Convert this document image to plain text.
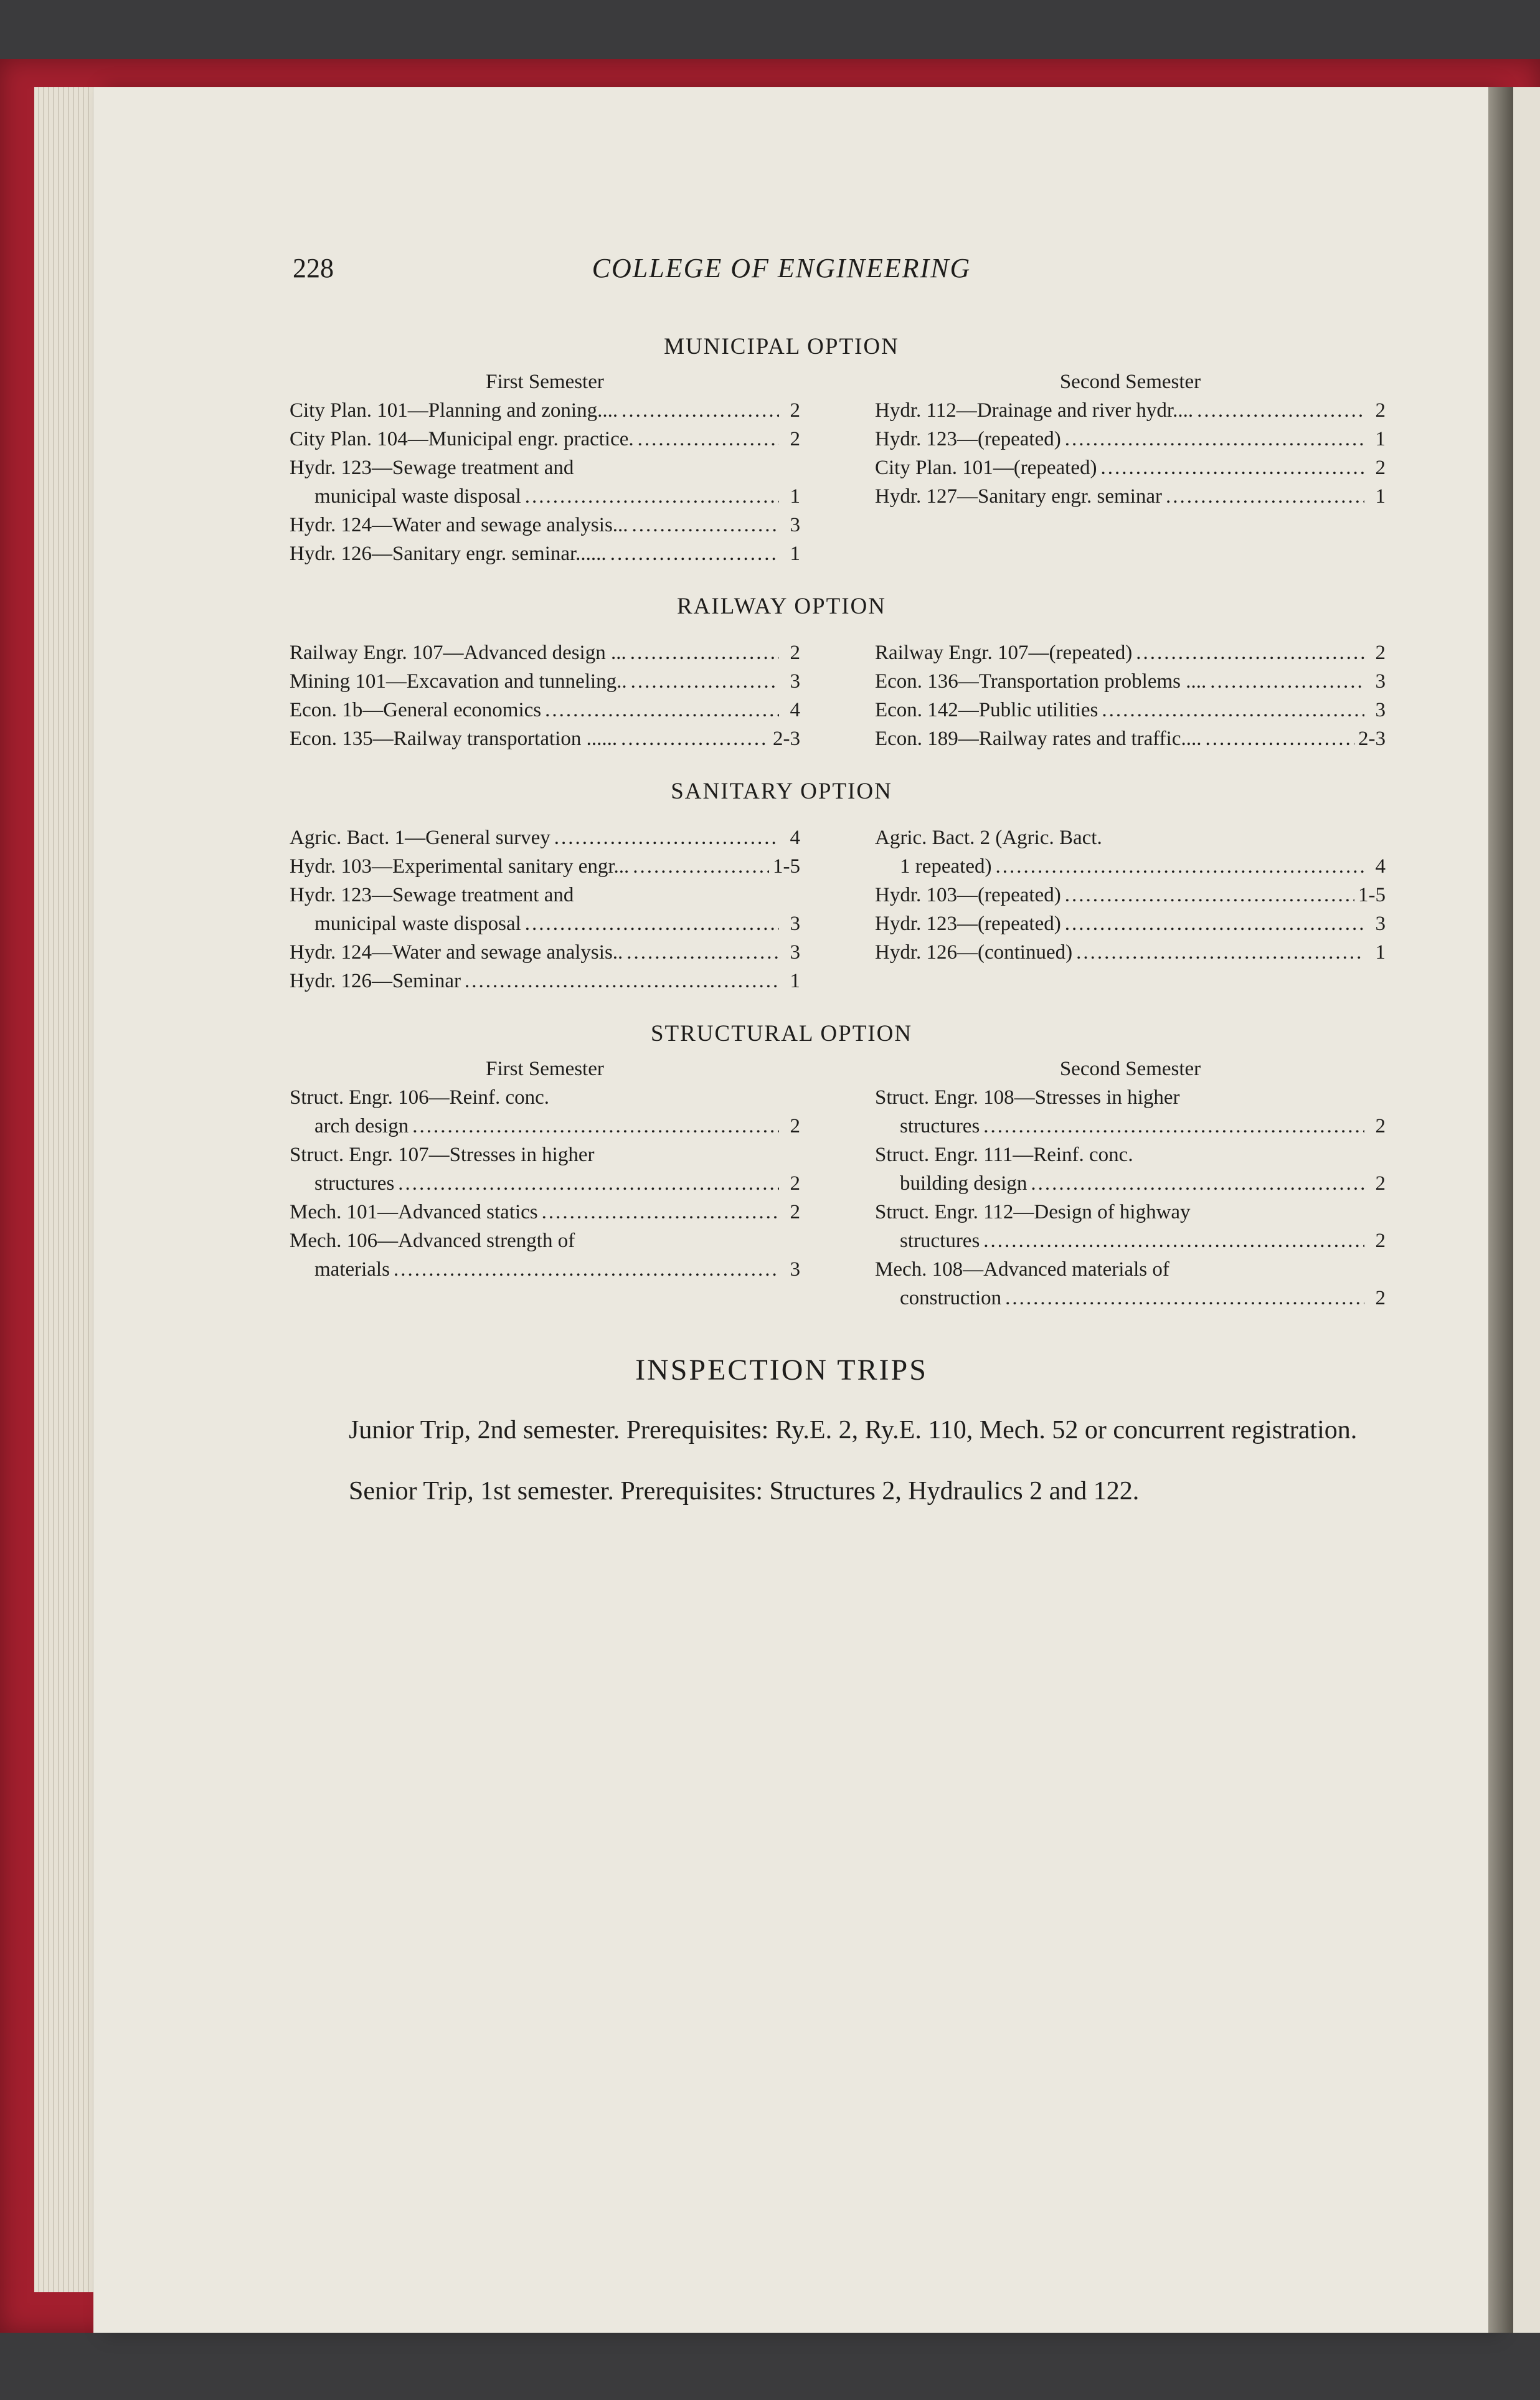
228	COLLEGE OF ENGINEERING
MUNICIPAL OPTION
First Semester
City Plan. 101—Planning and zoning.... .....	2
City Plan. 104—Municipal engr. practice. .....	2
Hydr. 123—Sewage treatment and
municipal waste disposal .....	1
Hydr. 124—Water and sewage analysis... .....	3
Hydr. 126—Sanitary engr. seminar...... .....	1
Second Semester
Hydr. 112—Drainage and river hydr.... .....	2
Hydr. 123—(repeated) .....	1
City Plan. 101—(repeated) .....	2
Hydr. 127—Sanitary engr. seminar .....	1
RAILWAY OPTION
Railway Engr. 107—Advanced design ... .....	2
Mining 101—Excavation and tunneling.. .....	3
Econ. 1b—General economics .....	4
Econ. 135—Railway transportation ...... .....	2-3
Railway Engr. 107—(repeated) .....	2
Econ. 136—Transportation problems .... .....	3
Econ. 142—Public utilities .....	3
Econ. 189—Railway rates and traffic.... .....	2-3
SANITARY OPTION
Agric. Bact. 1—General survey .....	4
Hydr. 103—Experimental sanitary engr... .....	1-5
Hydr. 123—Sewage treatment and
municipal waste disposal .....	3
Hydr. 124—Water and sewage analysis.. .....	3
Hydr. 126—Seminar .....	1
Agric. Bact. 2 (Agric. Bact.
1 repeated) .....	4
Hydr. 103—(repeated) .....	1-5
Hydr. 123—(repeated) .....	3
Hydr. 126—(continued) .....	1
STRUCTURAL OPTION
First Semester
Struct. Engr. 106—Reinf. conc.
arch design .....	2
Struct. Engr. 107—Stresses in higher
structures .....	2
Mech. 101—Advanced statics .....	2
Mech. 106—Advanced strength of
materials .....	3
Second Semester
Struct. Engr. 108—Stresses in higher
structures .....	2
Struct. Engr. 111—Reinf. conc.
building design .....	2
Struct. Engr. 112—Design of highway
structures .....	2
Mech. 108—Advanced materials of
construction .....	2
INSPECTION TRIPS
Junior Trip, 2nd semester. Prerequisites: Ry.E. 2, Ry.E. 110, Mech. 52 or concurrent registration.
Senior Trip, 1st semester. Prerequisites: Structures 2, Hydraulics 2 and 122.
